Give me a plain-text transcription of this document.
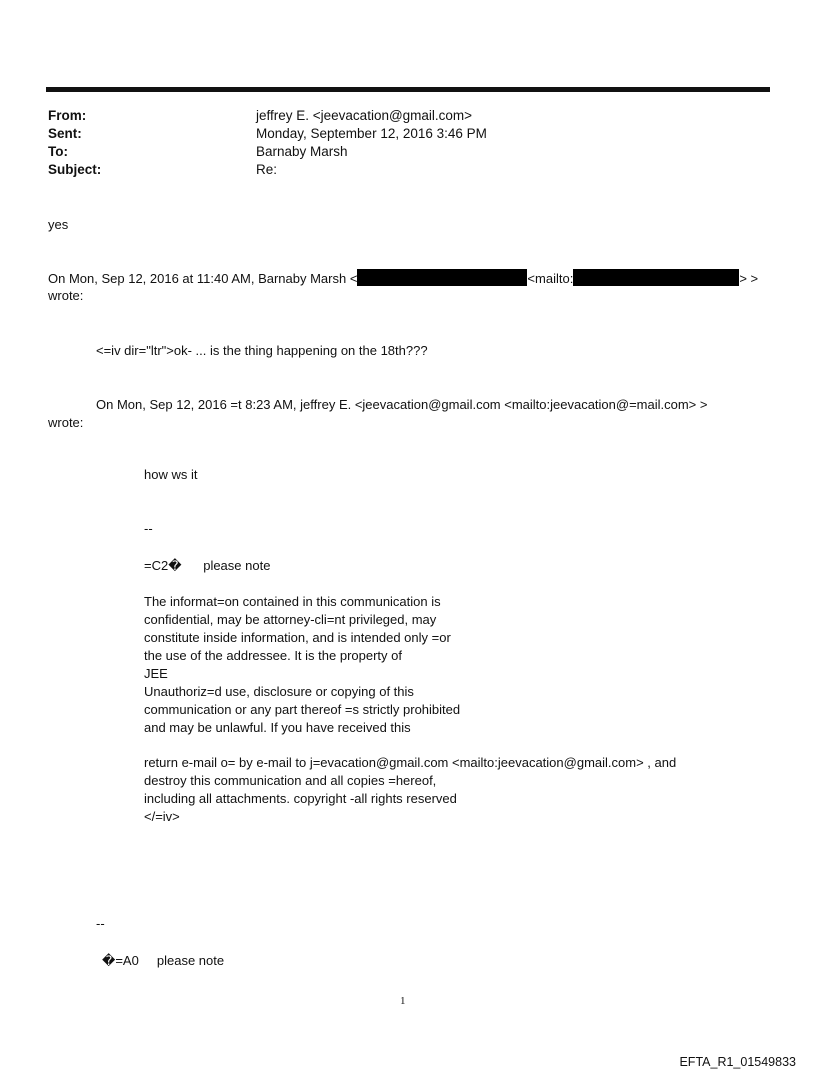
From:	jeffrey E. <jeevacation@gmail.com>
Sent:	Monday, September 12, 2016 3:46 PM
To:	Barnaby Marsh
Subject:	Re:
yes
On Mon, Sep 12, 2016 at 11:40 AM, Barnaby Marsh <	<mailto:	> >
wrote:
<=iv dir="ltr">ok- ... is the thing happening on the 18th???
On Mon, Sep 12, 2016 =t 8:23 AM, jeffrey E. <jeevacation@gmail.com <mailto:jeevacation@=mail.com> >
wrote:
how ws it
--
=C2�      please note
The informat=on contained in this communication is
confidential, may be attorney-cli=nt privileged, may
constitute inside information, and is intended only =or
the use of the addressee. It is the property of
JEE
Unauthoriz=d use, disclosure or copying of this
communication or any part thereof =s strictly prohibited
and may be unlawful. If you have received this
return e-mail o= by e-mail to j=evacation@gmail.com <mailto:jeevacation@gmail.com> , and
destroy this communication and all copies =hereof,
including all attachments. copyright -all rights reserved
</=iv>
--
�=A0     please note
1
EFTA_R1_01549833
